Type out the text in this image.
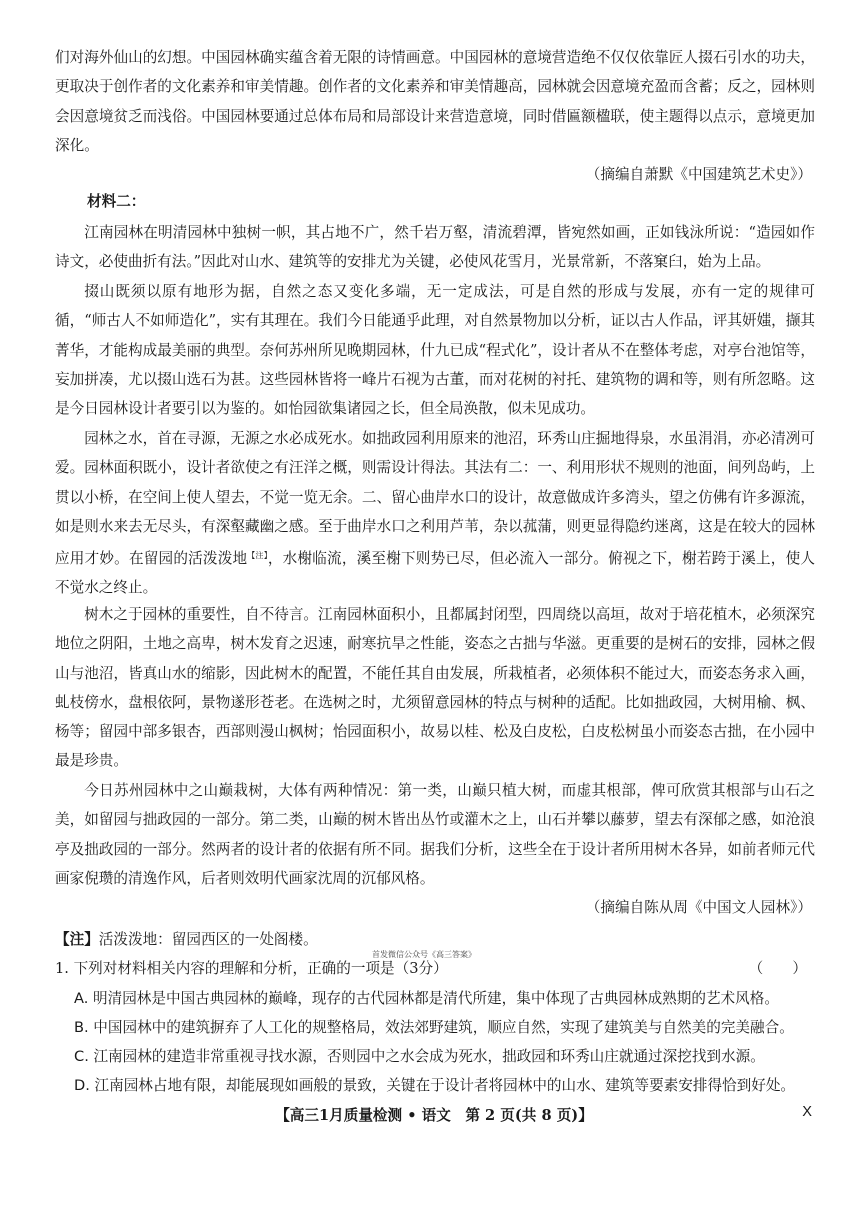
们对海外仙山的幻想。中国园林确实蕴含着无限的诗情画意。中国园林的意境营造绝不仅仅依靠匠人掇石引水的功夫，更取决于创作者的文化素养和审美情趣。创作者的文化素养和审美情趣高，园林就会因意境充盈而含蓄；反之，园林则会因意境贫乏而浅俗。中国园林要通过总体布局和局部设计来营造意境，同时借匾额楹联，使主题得以点示，意境更加深化。

（摘编自萧默《中国建筑艺术史》）
材料二：

江南园林在明清园林中独树一帜，其占地不广，然千岩万壑，清流碧潭，皆宛然如画，正如钱泳所说：“造园如作诗文，必使曲折有法。”因此对山水、建筑等的安排尤为关键，必使风花雪月，光景常新，不落窠臼，始为上品。

掇山既须以原有地形为据，自然之态又变化多端，无一定成法，可是自然的形成与发展，亦有一定的规律可循，“师古人不如师造化”，实有其理在。我们今日能通乎此理，对自然景物加以分析，证以古人作品，评其妍媸，撷其菁华，才能构成最美丽的典型。奈何苏州所见晚期园林，什九已成“程式化”，设计者从不在整体考虑，对亭台池馆等，妄加拼凑，尤以掇山选石为甚。这些园林皆将一峰片石视为古董，而对花树的衬托、建筑物的调和等，则有所忽略。这是今日园林设计者要引以为鉴的。如怡园欲集诸园之长，但全局涣散，似未见成功。

园林之水，首在寻源，无源之水必成死水。如拙政园利用原来的池沼，环秀山庄掘地得泉，水虽涓涓，亦必清冽可爱。园林面积既小，设计者欲使之有汪洋之概，则需设计得法。其法有二：一、利用形状不规则的池面，间列岛屿，上贯以小桥，在空间上使人望去，不觉一览无余。二、留心曲岸水口的设计，故意做成许多湾头，望之仿佛有许多源流，如是则水来去无尽头，有深壑藏幽之感。至于曲岸水口之利用芦苇，杂以菰蒲，则更显得隐约迷离，这是在较大的园林应用才妙。在留园的活泼泼地$^{【注】}$，水榭临流，溪至榭下则势已尽，但必流入一部分。俯视之下，榭若跨于溪上，使人不觉水之终止。

树木之于园林的重要性，自不待言。江南园林面积小，且都属封闭型，四周绕以高垣，故对于培花植木，必须深究地位之阴阳，土地之高卑，树木发育之迟速，耐寒抗旱之性能，姿态之古拙与华滋。更重要的是树石的安排，园林之假山与池沼，皆真山水的缩影，因此树木的配置，不能任其自由发展，所栽植者，必须体积不能过大，而姿态务求入画，虬枝傍水，盘根依阿，景物遂形苍老。在选树之时，尤须留意园林的特点与树种的适配。比如拙政园，大树用榆、枫、杨等；留园中部多银杏，西部则漫山枫树；怡园面积小，故易以桂、松及白皮松，白皮松树虽小而姿态古拙，在小园中最是珍贵。

今日苏州园林中之山巅栽树，大体有两种情况：第一类，山巅只植大树，而虚其根部，俾可欣赏其根部与山石之美，如留园与拙政园的一部分。第二类，山巅的树木皆出丛竹或灌木之上，山石并攀以藤萝，望去有深郁之感，如沧浪亭及拙政园的一部分。然两者的设计者的依据有所不同。据我们分析，这些全在于设计者所用树木各异，如前者师元代画家倪瓒的清逸作风，后者则效明代画家沈周的沉郁风格。

（摘编自陈从周《中国文人园林》）
【注】活泼泼地：留园西区的一处阁楼。
首发微信公众号《高三答案》
1. 下列对材料相关内容的理解和分析，正确的一项是（3分）	（　　）
A. 明清园林是中国古典园林的巅峰，现存的古代园林都是清代所建，集中体现了古典园林成熟期的艺术风格。
B. 中国园林中的建筑摒弃了人工化的规整格局，效法郊野建筑，顺应自然，实现了建筑美与自然美的完美融合。
C. 江南园林的建造非常重视寻找水源，否则园中之水会成为死水，拙政园和环秀山庄就通过深挖找到水源。
D. 江南园林占地有限，却能展现如画般的景致，关键在于设计者将园林中的山水、建筑等要素安排得恰到好处。
【高三1月质量检测 • 语文　第 2 页(共 8 页)】	X
